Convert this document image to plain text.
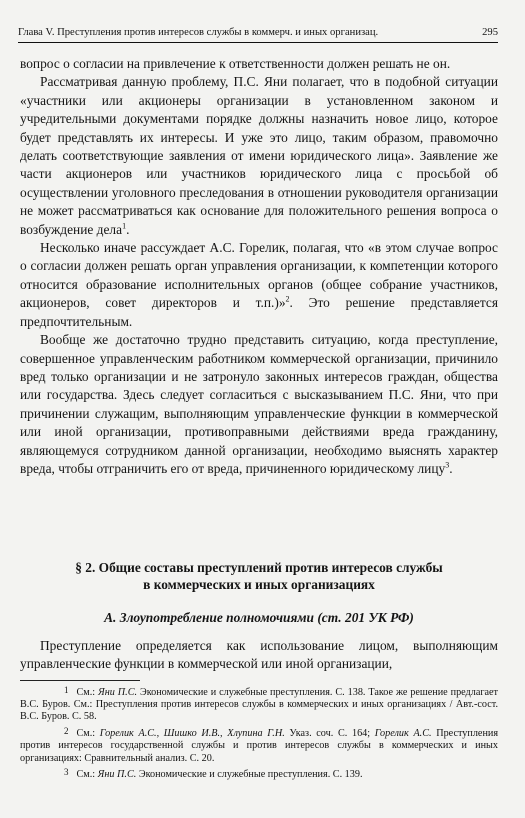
Глава V. Преступления против интересов службы в коммерч. и иных организац.	295

вопрос о согласии на привлечение к ответственности должен решать не он.

Рассматривая данную проблему, П.С. Яни полагает, что в подобной ситуации «участники или акционеры организации в установленном законом и учредительными документами порядке должны назначить новое лицо, которое будет представлять их интересы. И уже это лицо, таким образом, правомочно делать соответствующие заявления от имени юридического лица». Заявление же части акционеров или участников юридического лица с просьбой об осуществлении уголовного преследования в отношении руководителя организации не может рассматриваться как основание для положительного решения вопроса о возбуждение дела$^1$.

Несколько иначе рассуждает А.С. Горелик, полагая, что «в этом случае вопрос о согласии должен решать орган управления организации, к компетенции которого относится образование исполнительных органов (общее собрание участников, акционеров, совет директоров и т.п.)»$^2$. Это решение представляется предпочтительным.

Вообще же достаточно трудно представить ситуацию, когда преступление, совершенное управленческим работником коммерческой организации, причинило вред только организации и не затронуло законных интересов граждан, общества или государства. Здесь следует согласиться с высказыванием П.С. Яни, что при причинении служащим, выполняющим управленческие функции в коммерческой или иной организации, противоправными действиями вреда гражданину, являющемуся сотрудником данной организации, необходимо выяснять характер вреда, чтобы отграничить его от вреда, причиненного юридическому лицу$^3$.

§ 2. Общие составы преступлений против интересов службы
в коммерческих и иных организациях
А. Злоупотребление полномочиями (ст. 201 УК РФ)

Преступление определяется как использование лицом, выполняющим управленческие функции в коммерческой или иной организации,

1 См.: Яни П.С. Экономические и служебные преступления. С. 138. Такое же решение предлагает В.С. Буров. См.: Преступления против интересов службы в коммерческих и иных организациях / Авт.-сост. В.С. Буров. С. 58.

2 См.: Горелик А.С., Шишко И.В., Хлупина Г.Н. Указ. соч. С. 164; Горелик А.С. Преступления против интересов государственной службы и против интересов службы в коммерческих и иных организациях: Сравнительный анализ. С. 20.

3 См.: Яни П.С. Экономические и служебные преступления. С. 139.
